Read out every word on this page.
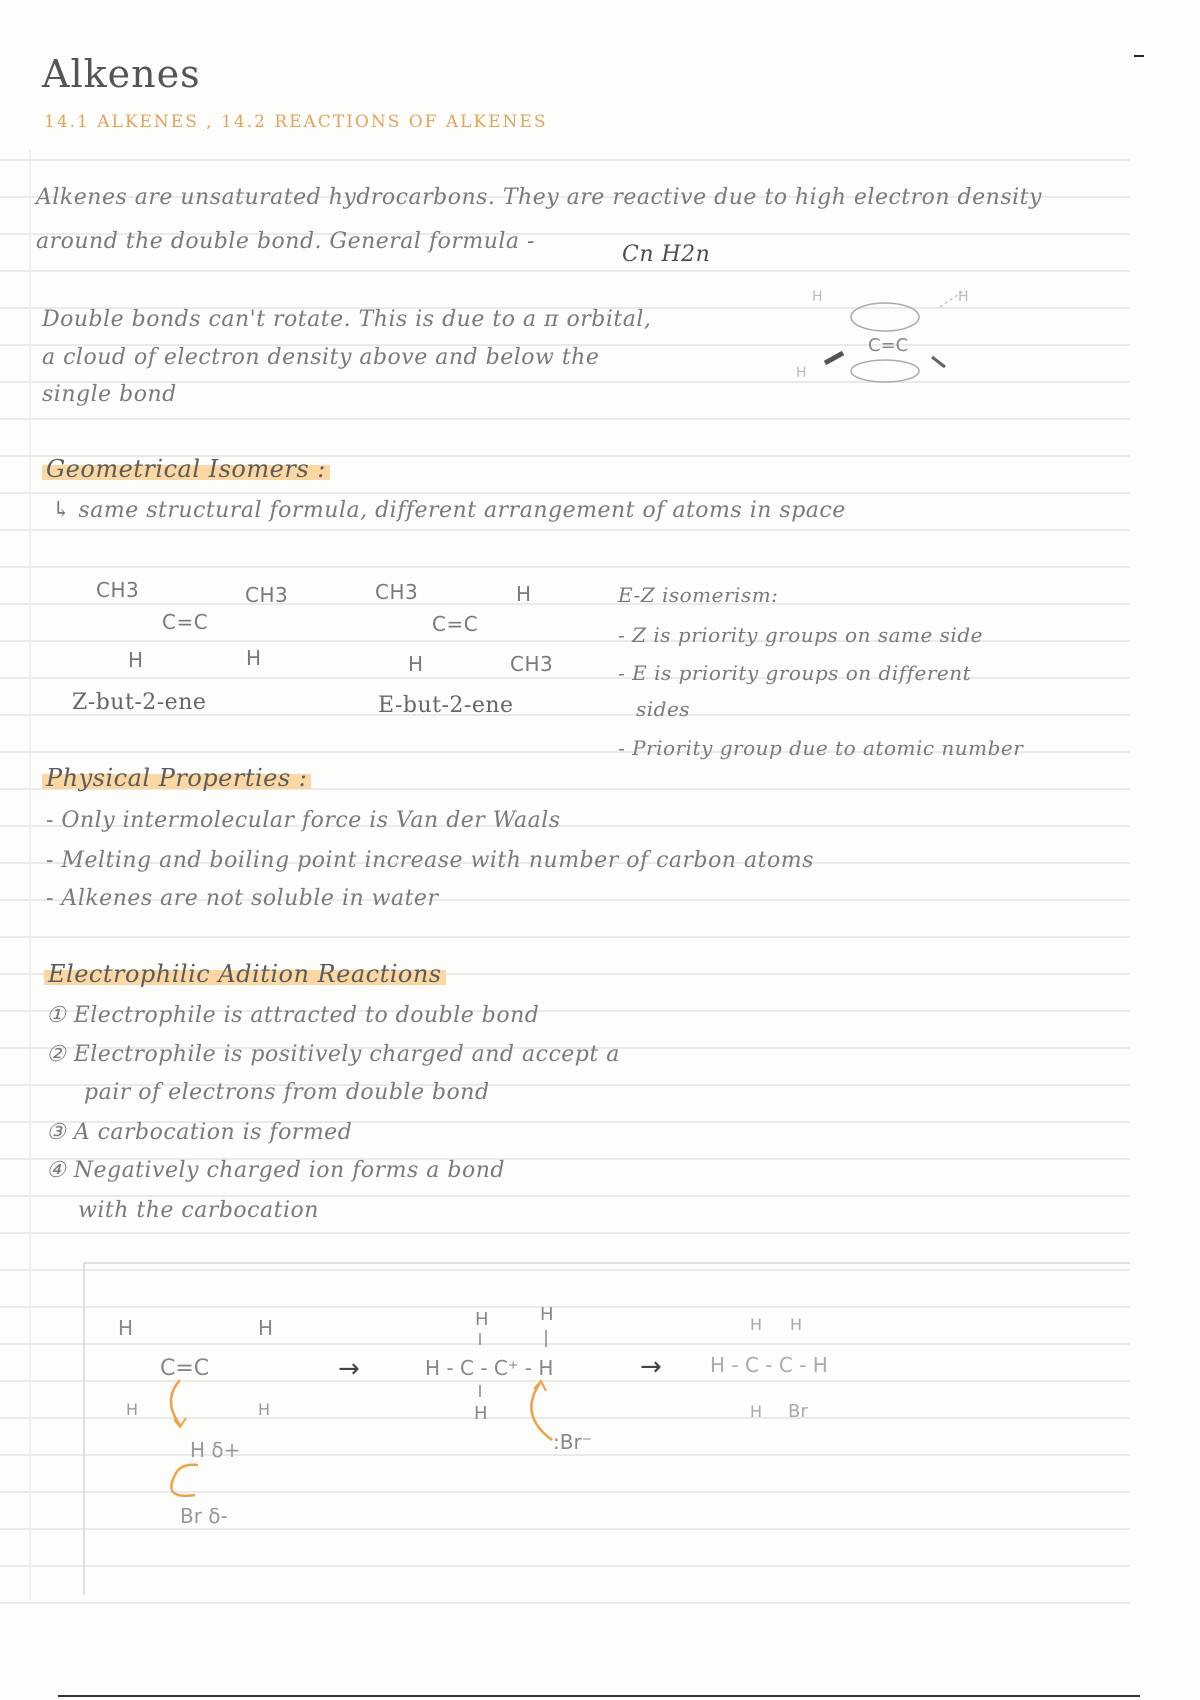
Alkenes
14.1 ALKENES , 14.2 REACTIONS OF ALKENES
Alkenes are unsaturated hydrocarbons. They are reactive due to high electron density
around the double bond. General formula -
Cn H2n
Double bonds can't rotate. This is due to a π orbital,
a cloud of electron density above and below the
single bond
H	H
H
C=C
Geometrical Isomers :
↳ same structural formula, different arrangement of atoms in space
CH3	CH3
C=C
H	H
Z-but-2-ene
CH3	H
C=C
H	CH3
E-but-2-ene
E-Z isomerism:
- Z is priority groups on same side
- E is priority groups on different
sides
- Priority group due to atomic number
Physical Properties :
- Only intermolecular force is Van der Waals
- Melting and boiling point increase with number of carbon atoms
- Alkenes are not soluble in water
Electrophilic Adition Reactions
① Electrophile is attracted to double bond
② Electrophile is positively charged and accept a
pair of electrons from double bond
③ A carbocation is formed
④ Negatively charged ion forms a bond
with the carbocation
H	H
H	H
C=C
H δ+
Br δ-
→
H	H
H - C - C⁺ - H
H
:Br⁻
→
H H
H - C - C - H
H Br
